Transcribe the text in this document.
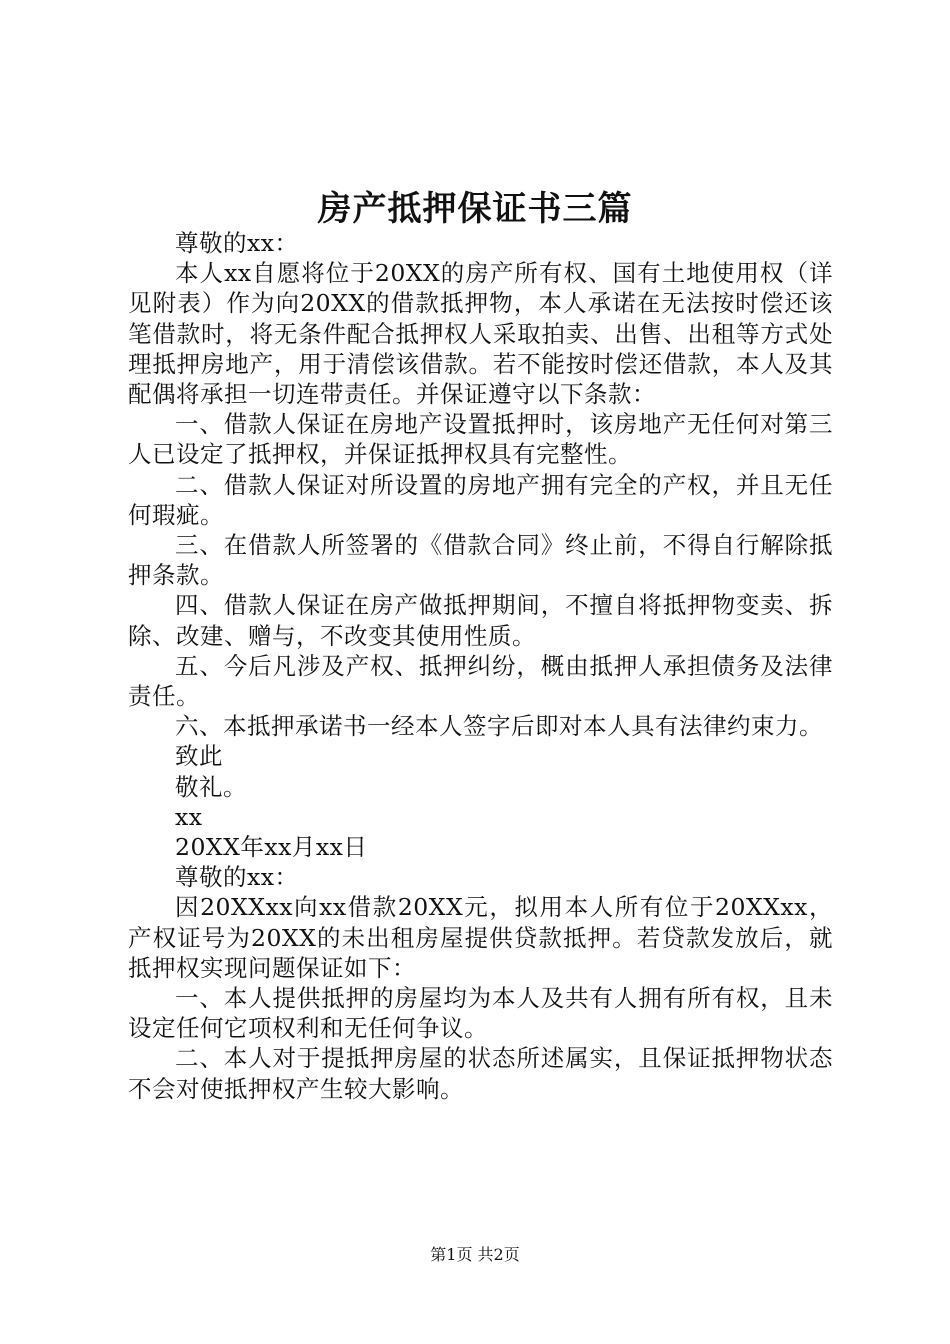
房产抵押保证书三篇

尊敬的xx：

本人xx自愿将位于20XX的房产所有权、国有土地使用权（详见附表）作为向20XX的借款抵押物，本人承诺在无法按时偿还该笔借款时，将无条件配合抵押权人采取拍卖、出售、出租等方式处理抵押房地产，用于清偿该借款。若不能按时偿还借款，本人及其配偶将承担一切连带责任。并保证遵守以下条款：

一、借款人保证在房地产设置抵押时，该房地产无任何对第三人已设定了抵押权，并保证抵押权具有完整性。

二、借款人保证对所设置的房地产拥有完全的产权，并且无任何瑕疵。

三、在借款人所签署的《借款合同》终止前，不得自行解除抵押条款。

四、借款人保证在房产做抵押期间，不擅自将抵押物变卖、拆除、改建、赠与，不改变其使用性质。

五、今后凡涉及产权、抵押纠纷，概由抵押人承担债务及法律责任。

六、本抵押承诺书一经本人签字后即对本人具有法律约束力。

致此

敬礼。

xx

20XX年xx月xx日

尊敬的xx：

因20XXxx向xx借款20XX元，拟用本人所有位于20XXxx，产权证号为20XX的未出租房屋提供贷款抵押。若贷款发放后，就抵押权实现问题保证如下：

一、本人提供抵押的房屋均为本人及共有人拥有所有权，且未设定任何它项权利和无任何争议。

二、本人对于提抵押房屋的状态所述属实，且保证抵押物状态不会对使抵押权产生较大影响。

第1页 共2页
